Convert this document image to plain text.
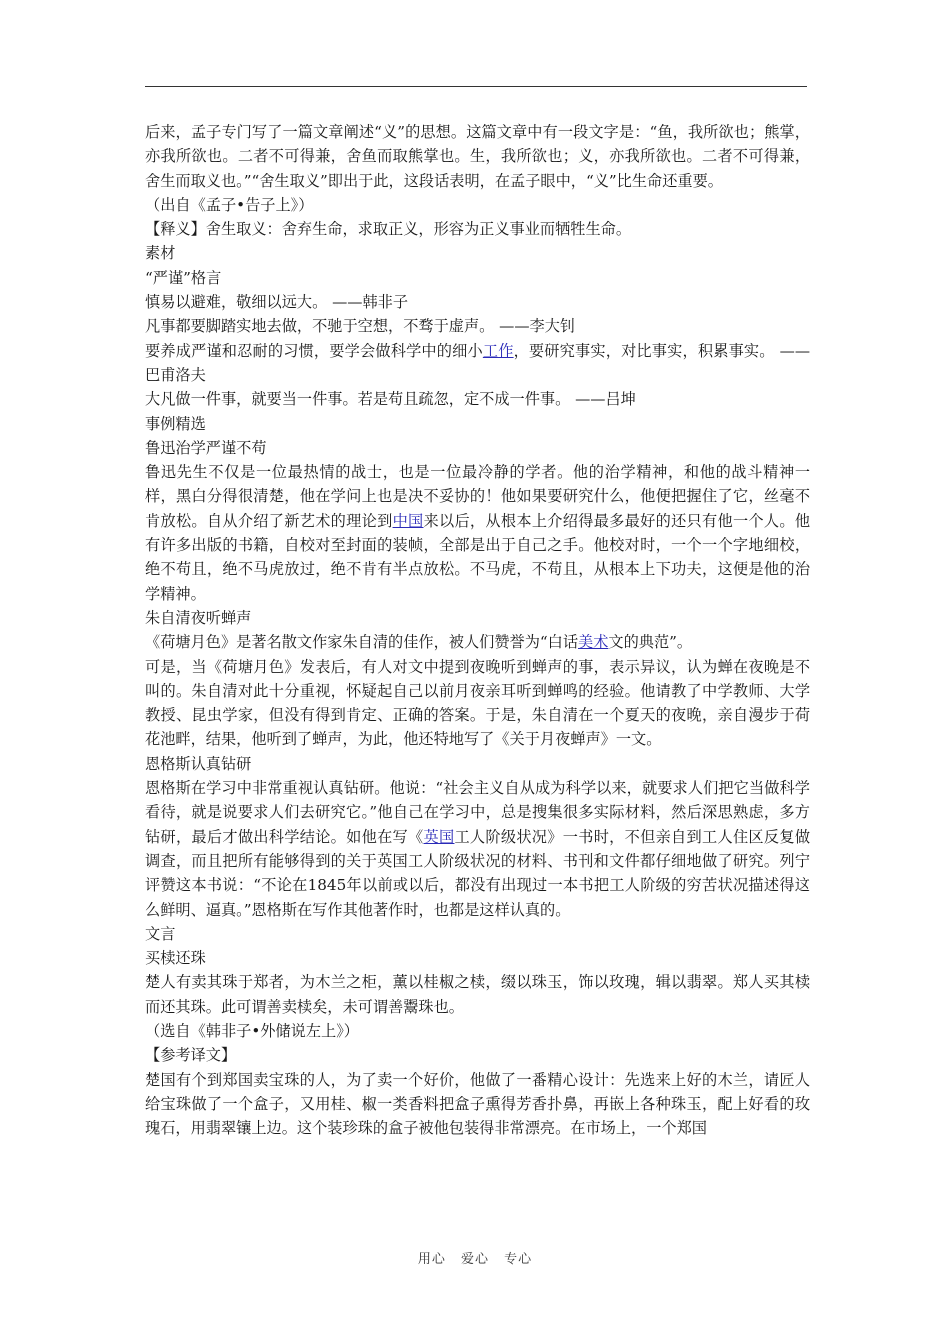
后来，孟子专门写了一篇文章阐述“义”的思想。这篇文章中有一段文字是：“鱼，我所欲也；熊掌，亦我所欲也。二者不可得兼，舍鱼而取熊掌也。生，我所欲也；义，亦我所欲也。二者不可得兼，舍生而取义也。”“舍生取义”即出于此，这段话表明，在孟子眼中，“义”比生命还重要。

（出自《孟子•告子上》）

【释义】舍生取义：舍弃生命，求取正义，形容为正义事业而牺牲生命。

素材

“严谨”格言

慎易以避难，敬细以远大。 ——韩非子

凡事都要脚踏实地去做，不驰于空想，不骛于虚声。 ——李大钊

要养成严谨和忍耐的习惯，要学会做科学中的细小工作，要研究事实，对比事实，积累事实。 ——巴甫洛夫

大凡做一件事，就要当一件事。若是苟且疏忽，定不成一件事。 ——吕坤

事例精选

鲁迅治学严谨不苟

鲁迅先生不仅是一位最热情的战士，也是一位最冷静的学者。他的治学精神，和他的战斗精神一样，黑白分得很清楚，他在学问上也是决不妥协的！他如果要研究什么，他便把握住了它，丝毫不肯放松。自从介绍了新艺术的理论到中国来以后，从根本上介绍得最多最好的还只有他一个人。他有许多出版的书籍，自校对至封面的装帧，全部是出于自己之手。他校对时，一个一个字地细校，绝不苟且，绝不马虎放过，绝不肯有半点放松。不马虎，不苟且，从根本上下功夫，这便是他的治学精神。

朱自清夜听蝉声

《荷塘月色》是著名散文作家朱自清的佳作，被人们赞誉为“白话美术文的典范”。

可是，当《荷塘月色》发表后，有人对文中提到夜晚听到蝉声的事，表示异议，认为蝉在夜晚是不叫的。朱自清对此十分重视，怀疑起自己以前月夜亲耳听到蝉鸣的经验。他请教了中学教师、大学教授、昆虫学家，但没有得到肯定、正确的答案。于是，朱自清在一个夏天的夜晚，亲自漫步于荷花池畔，结果，他听到了蝉声，为此，他还特地写了《关于月夜蝉声》一文。

恩格斯认真钻研

恩格斯在学习中非常重视认真钻研。他说：“社会主义自从成为科学以来，就要求人们把它当做科学看待，就是说要求人们去研究它。”他自己在学习中，总是搜集很多实际材料，然后深思熟虑，多方钻研，最后才做出科学结论。如他在写《英国工人阶级状况》一书时，不但亲自到工人住区反复做调查，而且把所有能够得到的关于英国工人阶级状况的材料、书刊和文件都仔细地做了研究。列宁评赞这本书说：“不论在1845年以前或以后，都没有出现过一本书把工人阶级的穷苦状况描述得这么鲜明、逼真。”恩格斯在写作其他著作时，也都是这样认真的。

文言

买椟还珠

楚人有卖其珠于郑者，为木兰之柜，薰以桂椒之椟，缀以珠玉，饰以玫瑰，辑以翡翠。郑人买其椟而还其珠。此可谓善卖椟矣，未可谓善鬻珠也。

（选自《韩非子•外储说左上》）

【参考译文】

楚国有个到郑国卖宝珠的人，为了卖一个好价，他做了一番精心设计：先选来上好的木兰，请匠人给宝珠做了一个盒子，又用桂、椒一类香料把盒子熏得芳香扑鼻，再嵌上各种珠玉，配上好看的玫瑰石，用翡翠镶上边。这个装珍珠的盒子被他包装得非常漂亮。在市场上，一个郑国

用心 爱心 专心
